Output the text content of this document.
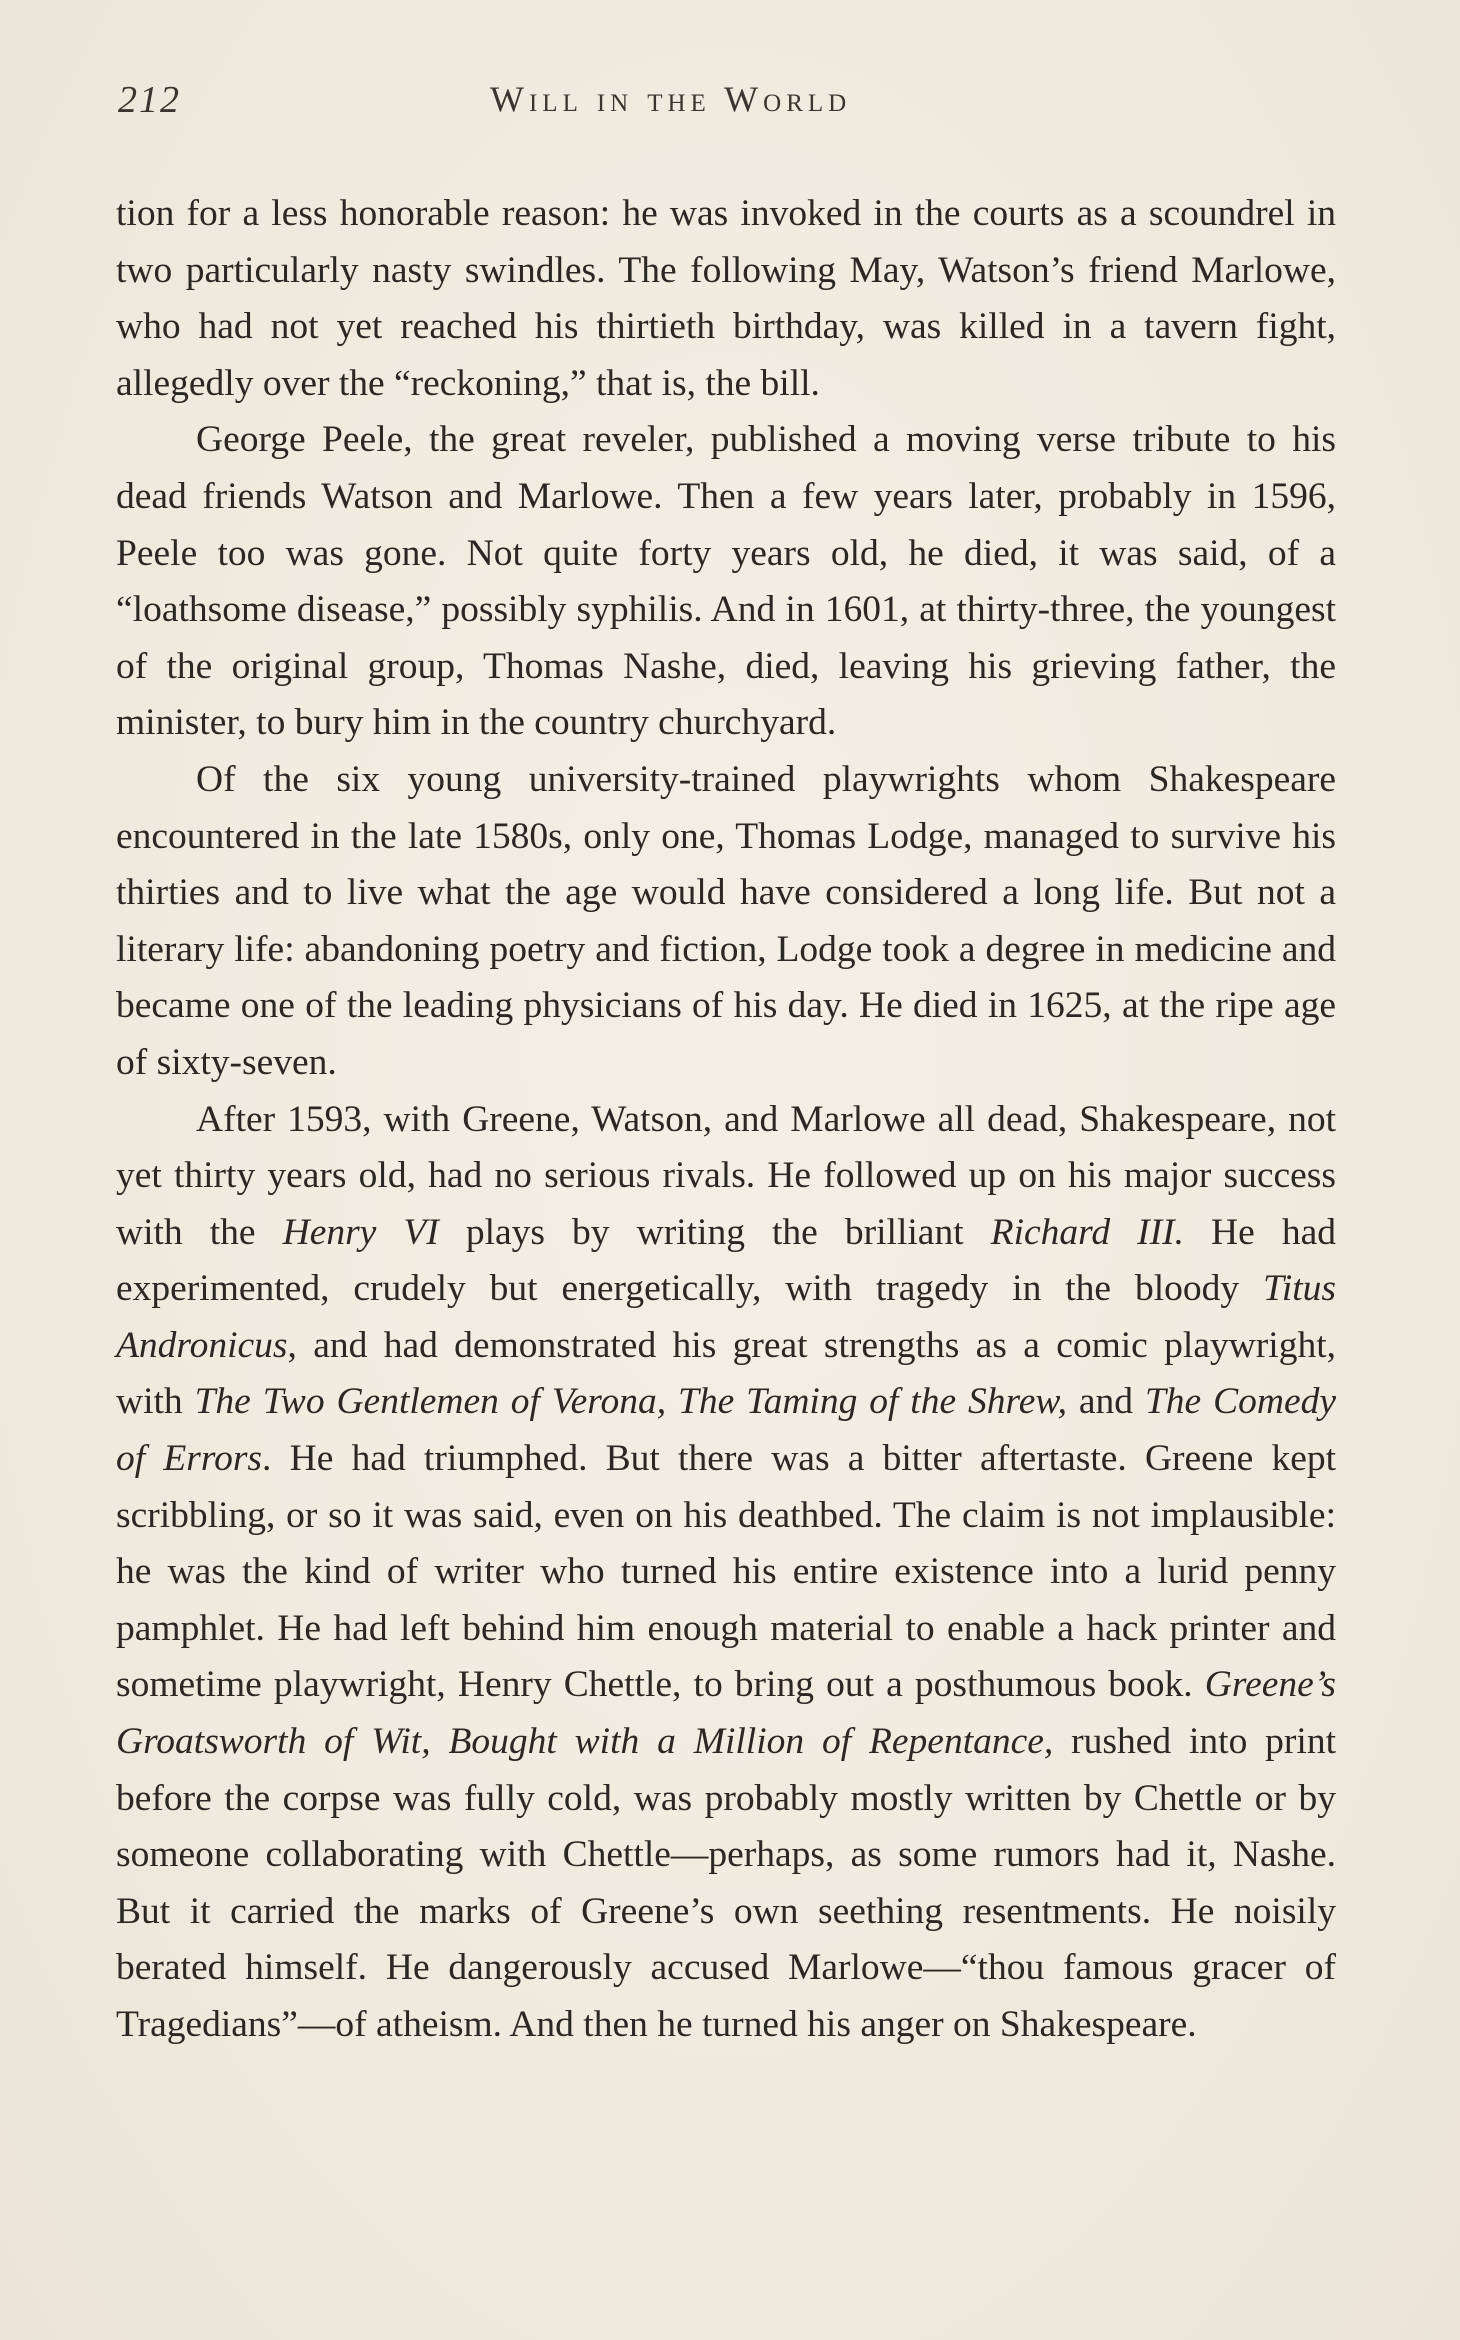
212	Will in the World

tion for a less honorable reason: he was invoked in the courts as a scoundrel in two particularly nasty swindles. The following May, Watson’s friend Marlowe, who had not yet reached his thirtieth birthday, was killed in a tavern fight, allegedly over the “reckoning,” that is, the bill.

George Peele, the great reveler, published a moving verse tribute to his dead friends Watson and Marlowe. Then a few years later, probably in 1596, Peele too was gone. Not quite forty years old, he died, it was said, of a “loathsome disease,” possibly syphilis. And in 1601, at thirty-three, the youngest of the original group, Thomas Nashe, died, leaving his grieving father, the minister, to bury him in the country churchyard.

Of the six young university-trained playwrights whom Shakespeare encountered in the late 1580s, only one, Thomas Lodge, managed to survive his thirties and to live what the age would have considered a long life. But not a literary life: abandoning poetry and fiction, Lodge took a degree in medicine and became one of the leading physicians of his day. He died in 1625, at the ripe age of sixty-seven.

After 1593, with Greene, Watson, and Marlowe all dead, Shakespeare, not yet thirty years old, had no serious rivals. He followed up on his major success with the Henry VI plays by writing the brilliant Richard III. He had experimented, crudely but energetically, with tragedy in the bloody Titus Andronicus, and had demonstrated his great strengths as a comic playwright, with The Two Gentlemen of Verona, The Taming of the Shrew, and The Comedy of Errors. He had triumphed. But there was a bitter aftertaste. Greene kept scribbling, or so it was said, even on his deathbed. The claim is not implausible: he was the kind of writer who turned his entire existence into a lurid penny pamphlet. He had left behind him enough material to enable a hack printer and sometime playwright, Henry Chettle, to bring out a posthumous book. Greene’s Groatsworth of Wit, Bought with a Million of Repentance, rushed into print before the corpse was fully cold, was probably mostly written by Chettle or by someone collaborating with Chettle—perhaps, as some rumors had it, Nashe. But it carried the marks of Greene’s own seething resentments. He noisily berated himself. He dangerously accused Marlowe—“thou famous gracer of Tragedians”—of atheism. And then he turned his anger on Shakespeare.
